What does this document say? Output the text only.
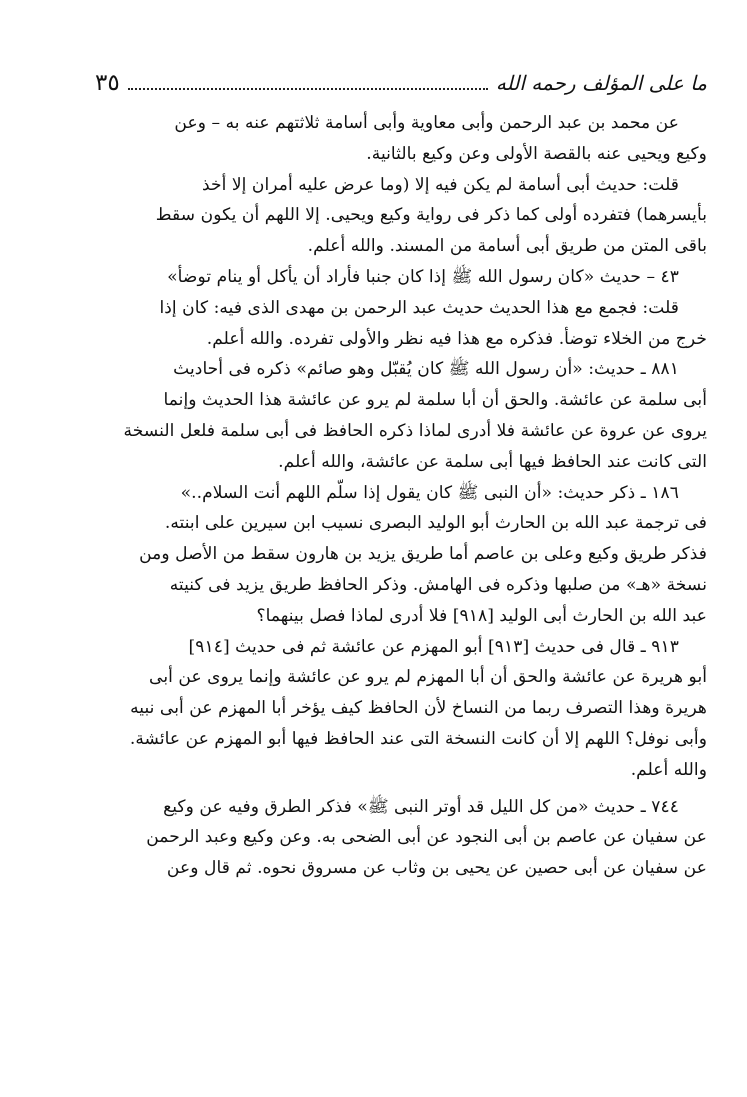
ما على المؤلف رحمه الله
٣٥
عن محمد بن عبد الرحمن وأبى معاوية وأبى أسامة ثلاثتهم عنه به – وعن
وكيع ويحيى عنه بالقصة الأولى وعن وكيع بالثانية.
قلت: حديث أبى أسامة لم يكن فيه إلا (وما عرض عليه أمران إلا أخذ
بأيسرهما) فتفرده أولى كما ذكر فى رواية وكيع ويحيى. إلا اللهم أن يكون سقط
باقى المتن من طريق أبى أسامة من المسند. والله أعلم.
٤٣ – حديث «كان رسول الله ﷺ إذا كان جنبا فأراد أن يأكل أو ينام توضأ»
قلت: فجمع مع هذا الحديث حديث عبد الرحمن بن مهدى الذى فيه: كان إذا
خرج من الخلاء توضأ. فذكره مع هذا فيه نظر والأولى تفرده. والله أعلم.
٨٨١ ـ حديث: «أن رسول الله ﷺ كان يُقبّل وهو صائم» ذكره فى أحاديث
أبى سلمة عن عائشة. والحق أن أبا سلمة لم يرو عن عائشة هذا الحديث وإنما
يروى عن عروة عن عائشة فلا أدرى لماذا ذكره الحافظ فى أبى سلمة فلعل النسخة
التى كانت عند الحافظ فيها أبى سلمة عن عائشة، والله أعلم.
١٨٦ ـ ذكر حديث: «أن النبى ﷺ كان يقول إذا سلّم اللهم أنت السلام..»
فى ترجمة عبد الله بن الحارث أبو الوليد البصرى نسيب ابن سيرين على ابنته.
فذكر طريق وكيع وعلى بن عاصم أما طريق يزيد بن هارون سقط من الأصل ومن
نسخة «هـ» من صلبها وذكره فى الهامش. وذكر الحافظ طريق يزيد فى كنيته
عبد الله بن الحارث أبى الوليد [٩١٨] فلا أدرى لماذا فصل بينهما؟
٩١٣ ـ قال فى حديث [٩١٣] أبو المهزم عن عائشة ثم فى حديث [٩١٤]
أبو هريرة عن عائشة والحق أن أبا المهزم لم يرو عن عائشة وإنما يروى عن أبى
هريرة وهذا التصرف ربما من النساخ لأن الحافظ كيف يؤخر أبا المهزم عن أبى نبيه
وأبى نوفل؟ اللهم إلا أن كانت النسخة التى عند الحافظ فيها أبو المهزم عن عائشة.
والله أعلم.
٧٤٤ ـ حديث «من كل الليل قد أوتر النبى ﷺ» فذكر الطرق وفيه عن وكيع
عن سفيان عن عاصم بن أبى النجود عن أبى الضحى به. وعن وكيع وعبد الرحمن
عن سفيان عن أبى حصين عن يحيى بن وثاب عن مسروق نحوه. ثم قال وعن
